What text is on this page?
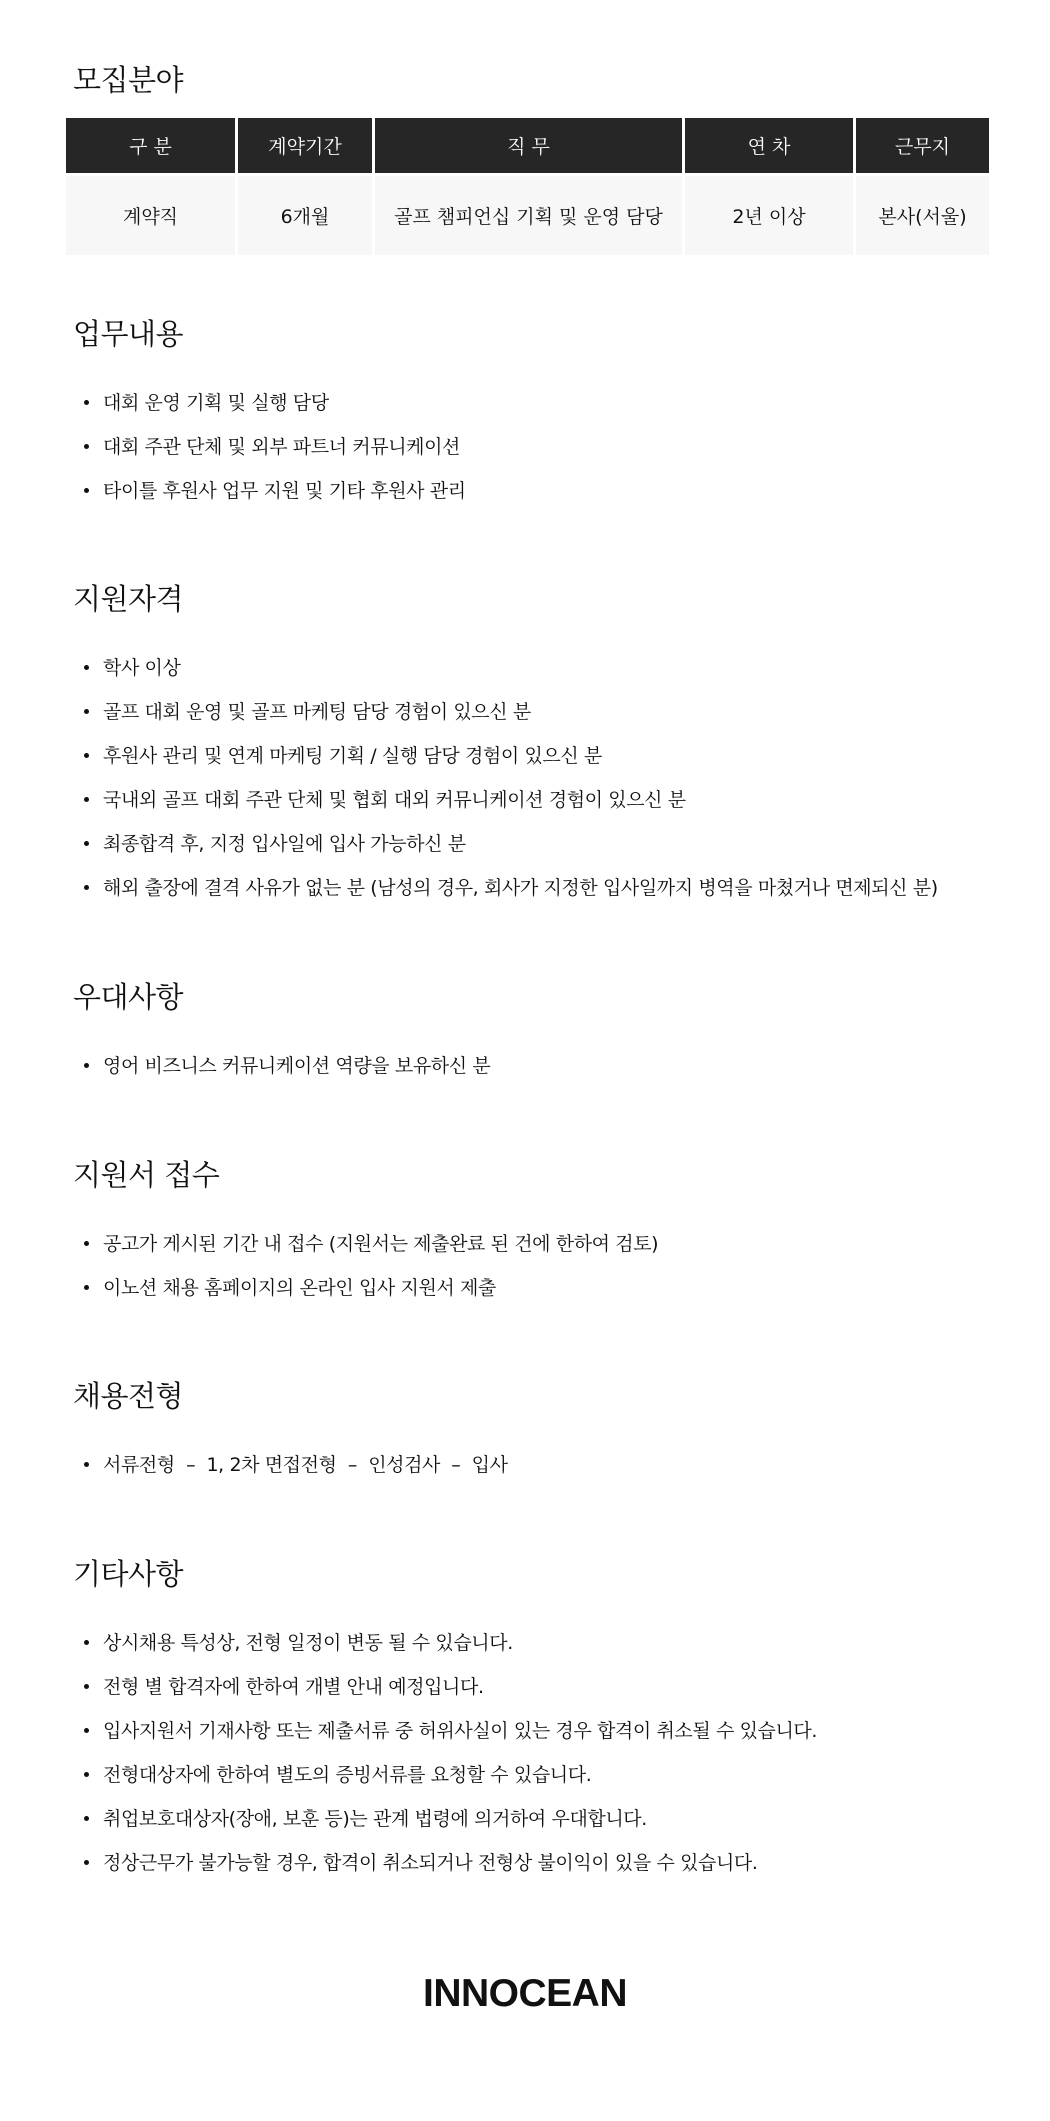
모집분야
구 분	계약기간	직 무	연 차	근무지
계약직	6개월	골프 챔피언십 기획 및 운영 담당	2년 이상	본사(서울)
업무내용
대회 운영 기획 및 실행 담당
대회 주관 단체 및 외부 파트너 커뮤니케이션
타이틀 후원사 업무 지원 및 기타 후원사 관리
지원자격
학사 이상
골프 대회 운영 및 골프 마케팅 담당 경험이 있으신 분
후원사 관리 및 연계 마케팅 기획 / 실행 담당 경험이 있으신 분
국내외 골프 대회 주관 단체 및 협회 대외 커뮤니케이션 경험이 있으신 분
최종합격 후, 지정 입사일에 입사 가능하신 분
해외 출장에 결격 사유가 없는 분 (남성의 경우, 회사가 지정한 입사일까지 병역을 마쳤거나 면제되신 분)
우대사항
영어 비즈니스 커뮤니케이션 역량을 보유하신 분
지원서 접수
공고가 게시된 기간 내 접수 (지원서는 제출완료 된 건에 한하여 검토)
이노션 채용 홈페이지의 온라인 입사 지원서 제출
채용전형
서류전형  –  1, 2차 면접전형  –  인성검사  –  입사
기타사항
상시채용 특성상, 전형 일정이 변동 될 수 있습니다.
전형 별 합격자에 한하여 개별 안내 예정입니다.
입사지원서 기재사항 또는 제출서류 중 허위사실이 있는 경우 합격이 취소될 수 있습니다.
전형대상자에 한하여 별도의 증빙서류를 요청할 수 있습니다.
취업보호대상자(장애, 보훈 등)는 관계 법령에 의거하여 우대합니다.
정상근무가 불가능할 경우, 합격이 취소되거나 전형상 불이익이 있을 수 있습니다.
INNOCEAN
